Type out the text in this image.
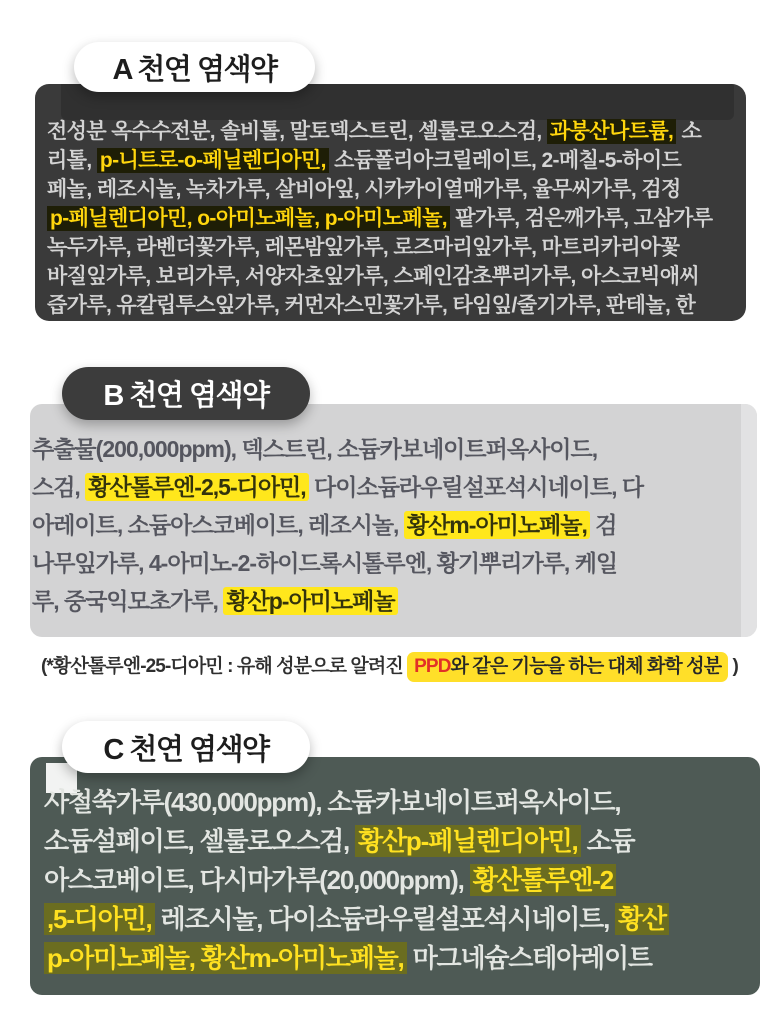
A 천연 염색약
전성분 옥수수전분, 솔비톨, 말토덱스트린, 셀룰로오스검, 과붕산나트륨, 소
리톨, p-니트로-o-페닐렌디아민, 소듐폴리아크릴레이트, 2-메칠-5-하이드
페놀, 레조시놀, 녹차가루, 살비아잎, 시카카이열매가루, 율무씨가루, 검정
p-페닐렌디아민, o-아미노페놀, p-아미노페놀, 팥가루, 검은깨가루, 고삼가루
녹두가루, 라벤더꽃가루, 레몬밤잎가루, 로즈마리잎가루, 마트리카리아꽃
바질잎가루, 보리가루, 서양자초잎가루, 스페인감초뿌리가루, 아스코빅애씨
즙가루, 유칼립투스잎가루, 커먼자스민꽃가루, 타임잎/줄기가루, 판테놀, 한
B 천연 염색약
추출물(200,000ppm), 덱스트린, 소듐카보네이트퍼옥사이드,
스검, 황산톨루엔-2,5-디아민, 다이소듐라우릴설포석시네이트, 다
아레이트, 소듐아스코베이트, 레조시놀, 황산m-아미노페놀, 검
나무잎가루, 4-아미노-2-하이드록시톨루엔, 황기뿌리가루, 케일
루, 중국익모초가루, 황산p-아미노페놀
(*황산톨루엔-25-디아민 : 유해 성분으로 알려진 PPD와 같은 기능을 하는 대체 화학 성분 )
C 천연 염색약
사철쑥가루(430,000ppm), 소듐카보네이트퍼옥사이드,
소듐설페이트, 셀룰로오스검, 황산p-페닐렌디아민, 소듐
아스코베이트, 다시마가루(20,000ppm), 황산톨루엔-2
,5-디아민, 레조시놀, 다이소듐라우릴설포석시네이트, 황산
p-아미노페놀, 황산m-아미노페놀, 마그네슘스테아레이트
